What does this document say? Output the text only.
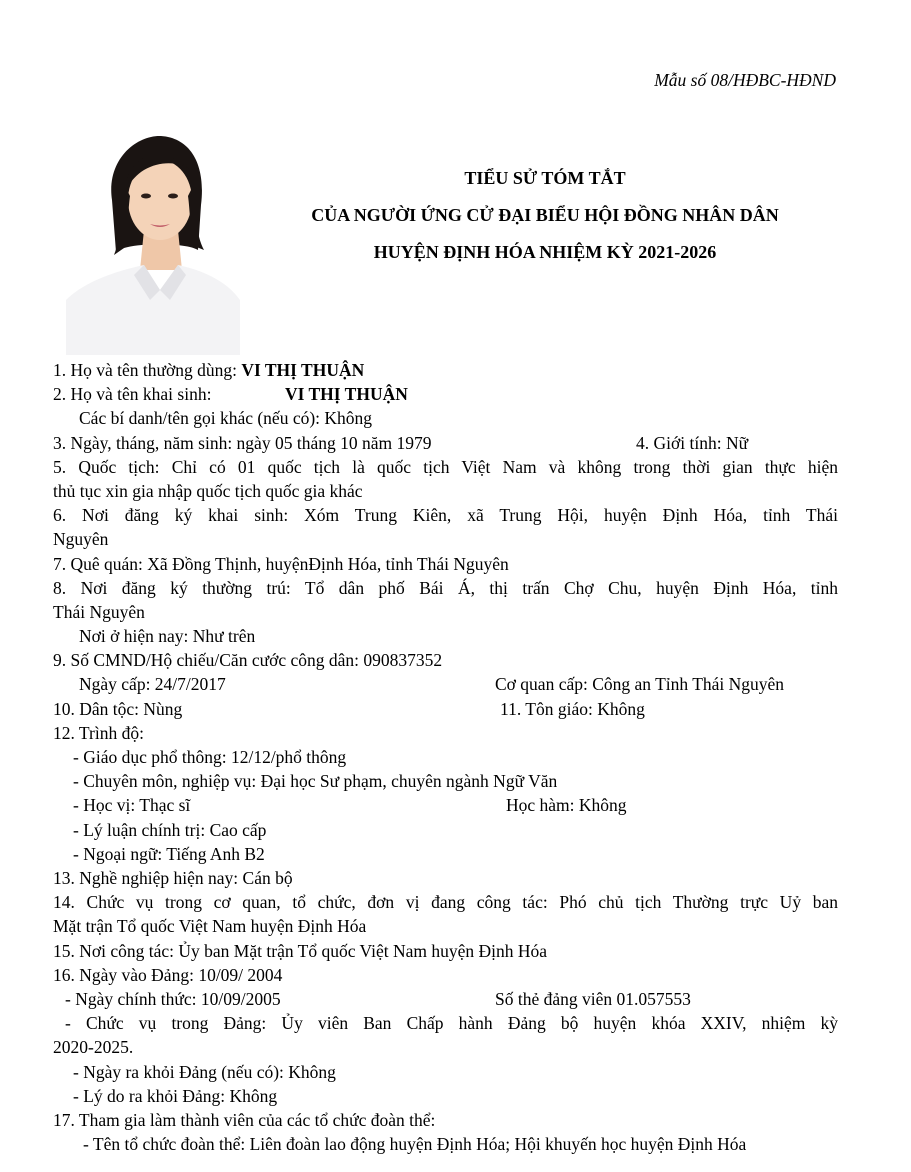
Mẫu số 08/HĐBC-HĐND
TIỂU SỬ TÓM TẮT
CỦA NGƯỜI ỨNG CỬ ĐẠI BIỂU HỘI ĐỒNG NHÂN DÂN
HUYỆN ĐỊNH HÓA NHIỆM KỲ 2021-2026
1. Họ và tên thường dùng: VI THỊ THUẬN
2. Họ và tên khai sinh:	VI THỊ THUẬN
Các bí danh/tên gọi khác (nếu có): Không
3. Ngày, tháng, năm sinh: ngày 05 tháng 10 năm 1979	4. Giới tính: Nữ
5. Quốc tịch: Chỉ có 01 quốc tịch là quốc tịch Việt Nam và không trong thời gian thực hiện
thủ tục xin gia nhập quốc tịch quốc gia khác
6. Nơi đăng ký khai sinh: Xóm Trung Kiên, xã Trung Hội, huyện Định Hóa, tỉnh Thái
Nguyên
7. Quê quán: Xã Đồng Thịnh, huyệnĐịnh Hóa, tỉnh Thái Nguyên
8. Nơi đăng ký thường trú: Tổ dân phố Bái Á, thị trấn Chợ Chu, huyện Định Hóa, tỉnh
Thái Nguyên
Nơi ở hiện nay: Như trên
9. Số CMND/Hộ chiếu/Căn cước công dân: 090837352
Ngày cấp: 24/7/2017	Cơ quan cấp: Công an Tỉnh Thái Nguyên
10. Dân tộc: Nùng	11. Tôn giáo: Không
12. Trình độ:
- Giáo dục phổ thông: 12/12/phổ thông
- Chuyên môn, nghiệp vụ: Đại học Sư phạm, chuyên ngành Ngữ Văn
- Học vị: Thạc sĩ	Học hàm: Không
- Lý luận chính trị: Cao cấp
- Ngoại ngữ: Tiếng Anh B2
13. Nghề nghiệp hiện nay: Cán bộ
14. Chức vụ trong cơ quan, tổ chức, đơn vị đang công tác: Phó chủ tịch Thường trực Uỷ ban
Mặt trận Tổ quốc Việt Nam huyện Định Hóa
15. Nơi công tác: Ủy ban Mặt trận Tổ quốc Việt Nam huyện Định Hóa
16. Ngày vào Đảng: 10/09/ 2004
- Ngày chính thức: 10/09/2005	Số thẻ đảng viên 01.057553
- Chức vụ trong Đảng: Ủy viên Ban Chấp hành Đảng bộ huyện khóa XXIV, nhiệm kỳ
2020-2025.
- Ngày ra khỏi Đảng (nếu có): Không
- Lý do ra khỏi Đảng: Không
17. Tham gia làm thành viên của các tổ chức đoàn thể:
- Tên tổ chức đoàn thể: Liên đoàn lao động huyện Định Hóa; Hội khuyến học huyện Định Hóa
